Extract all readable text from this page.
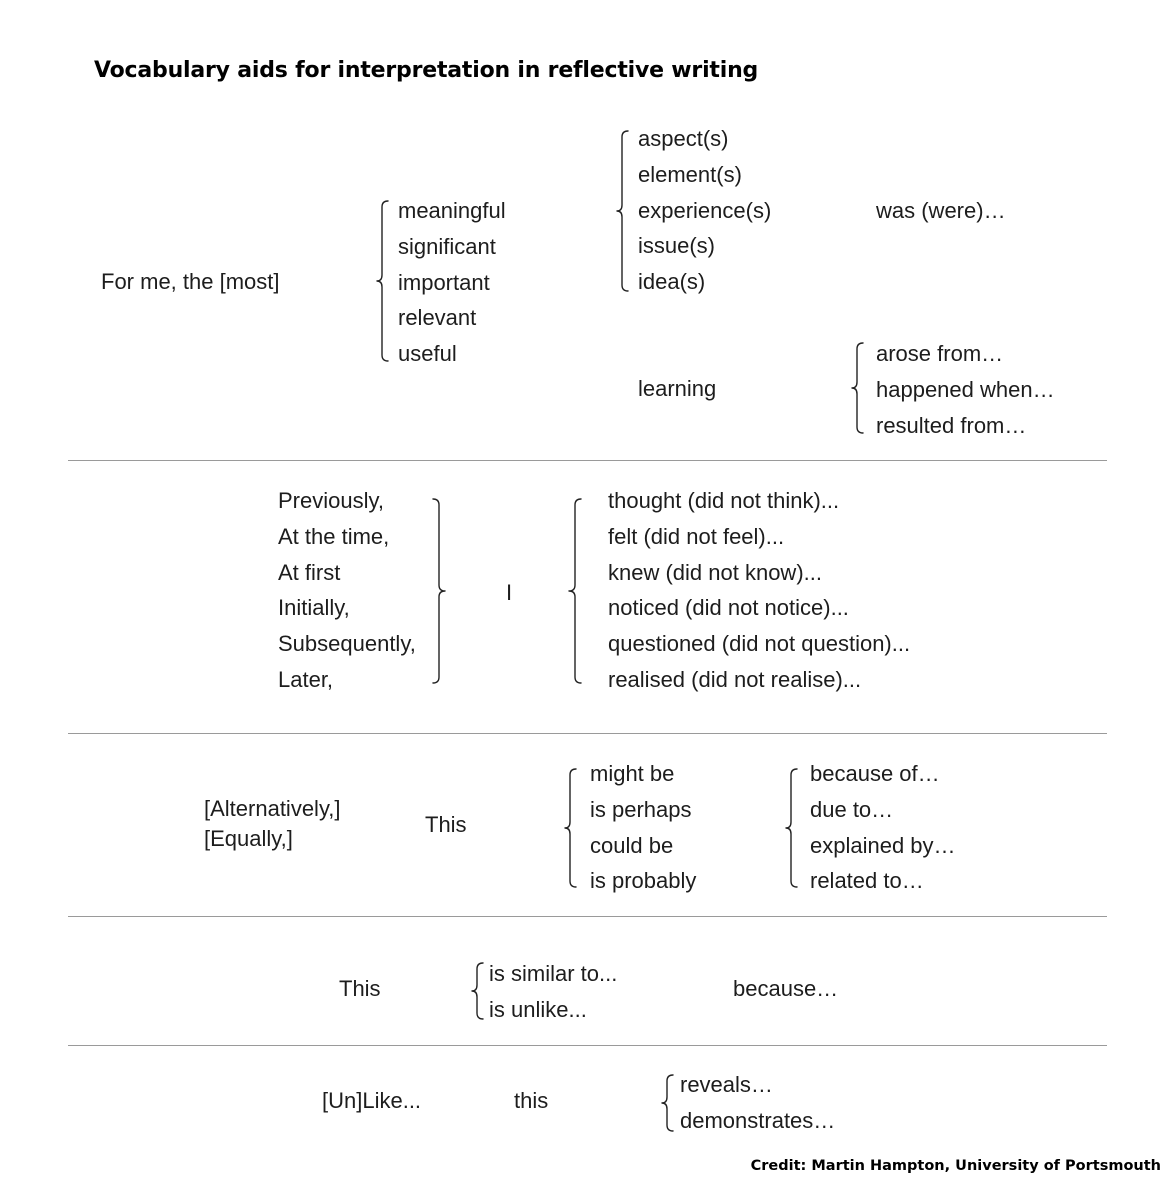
Vocabulary aids for interpretation in reflective writing
For me, the [most]
meaningful
significant
important
relevant
useful
aspect(s)
element(s)
experience(s)
issue(s)
idea(s)
was (were)…
learning
arose from…
happened when…
resulted from…
Previously,
At the time,
At first
Initially,
Subsequently,
Later,
I
thought (did not think)...
felt (did not feel)...
knew (did not know)...
noticed (did not notice)...
questioned (did not question)...
realised (did not realise)...
[Alternatively,]
[Equally,]
This
might be
is perhaps
could be
is probably
because of…
due to…
explained by…
related to…
This
is similar to...
is unlike...
because…
[Un]Like...	this
reveals…
demonstrates…
Credit: Martin Hampton, University of Portsmouth
